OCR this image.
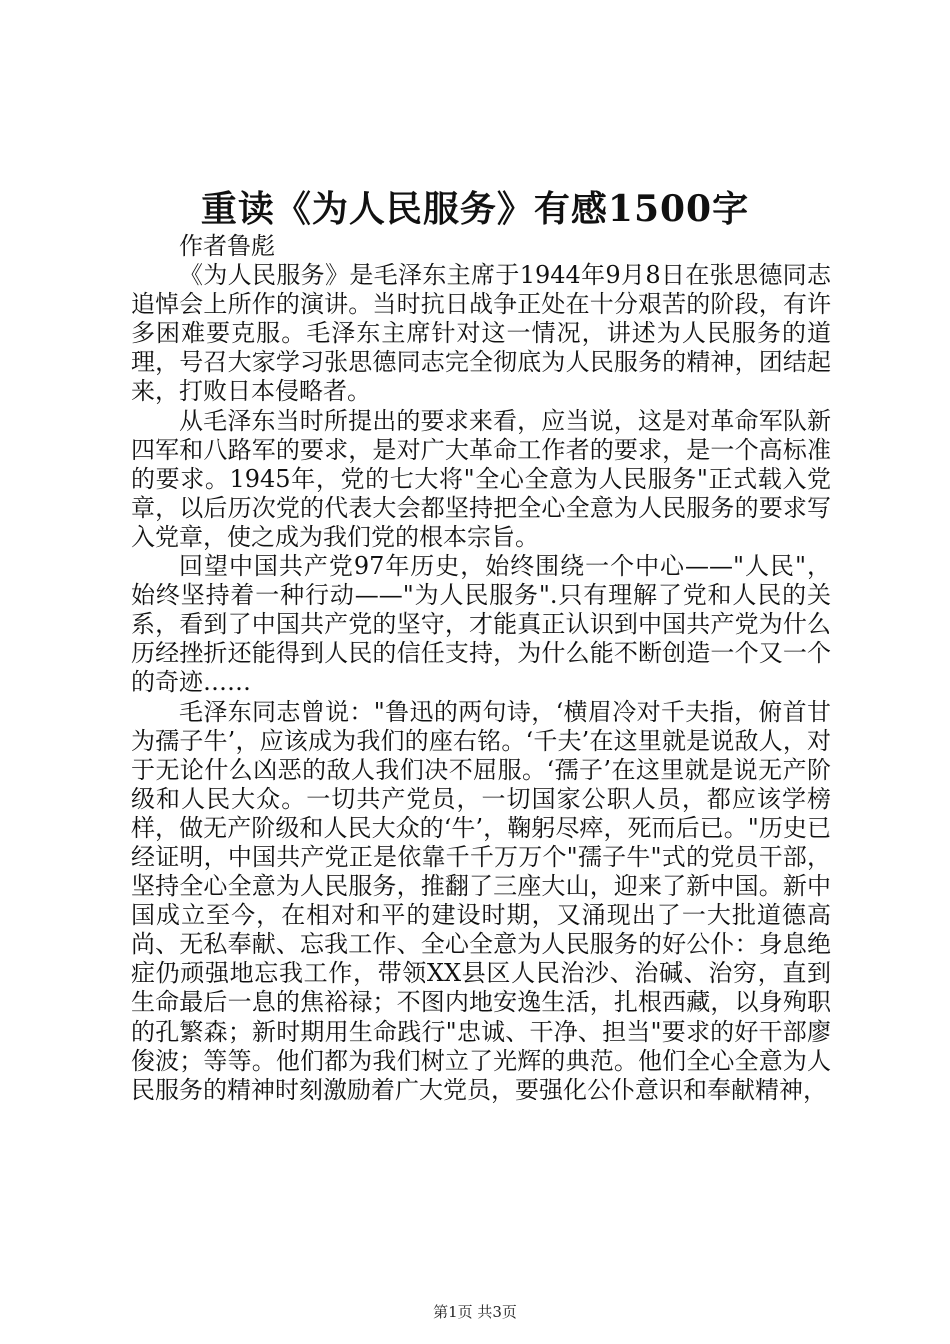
重读《为人民服务》有感1500字

作者鲁彪

《为人民服务》是毛泽东主席于1944年9月8日在张思德同志追悼会上所作的演讲。当时抗日战争正处在十分艰苦的阶段，有许多困难要克服。毛泽东主席针对这一情况，讲述为人民服务的道理，号召大家学习张思德同志完全彻底为人民服务的精神，团结起来，打败日本侵略者。

从毛泽东当时所提出的要求来看，应当说，这是对革命军队新四军和八路军的要求，是对广大革命工作者的要求，是一个高标准的要求。1945年，党的七大将"全心全意为人民服务"正式载入党章，以后历次党的代表大会都坚持把全心全意为人民服务的要求写入党章，使之成为我们党的根本宗旨。

回望中国共产党97年历史，始终围绕一个中心——"人民"，始终坚持着一种行动——"为人民服务".只有理解了党和人民的关系，看到了中国共产党的坚守，才能真正认识到中国共产党为什么历经挫折还能得到人民的信任支持，为什么能不断创造一个又一个的奇迹……

毛泽东同志曾说："鲁迅的两句诗，‘横眉冷对千夫指，俯首甘为孺子牛’，应该成为我们的座右铭。‘千夫’在这里就是说敌人，对于无论什么凶恶的敌人我们决不屈服。‘孺子’在这里就是说无产阶级和人民大众。一切共产党员，一切国家公职人员，都应该学榜样，做无产阶级和人民大众的‘牛’，鞠躬尽瘁，死而后已。"历史已经证明，中国共产党正是依靠千千万万个"孺子牛"式的党员干部，坚持全心全意为人民服务，推翻了三座大山，迎来了新中国。新中国成立至今，在相对和平的建设时期，又涌现出了一大批道德高尚、无私奉献、忘我工作、全心全意为人民服务的好公仆：身息绝症仍顽强地忘我工作，带领XX县区人民治沙、治碱、治穷，直到生命最后一息的焦裕禄；不图内地安逸生活，扎根西藏，以身殉职的孔繁森；新时期用生命践行"忠诚、干净、担当"要求的好干部廖俊波；等等。他们都为我们树立了光辉的典范。他们全心全意为人民服务的精神时刻激励着广大党员，要强化公仆意识和奉献精神，

第1页 共3页
